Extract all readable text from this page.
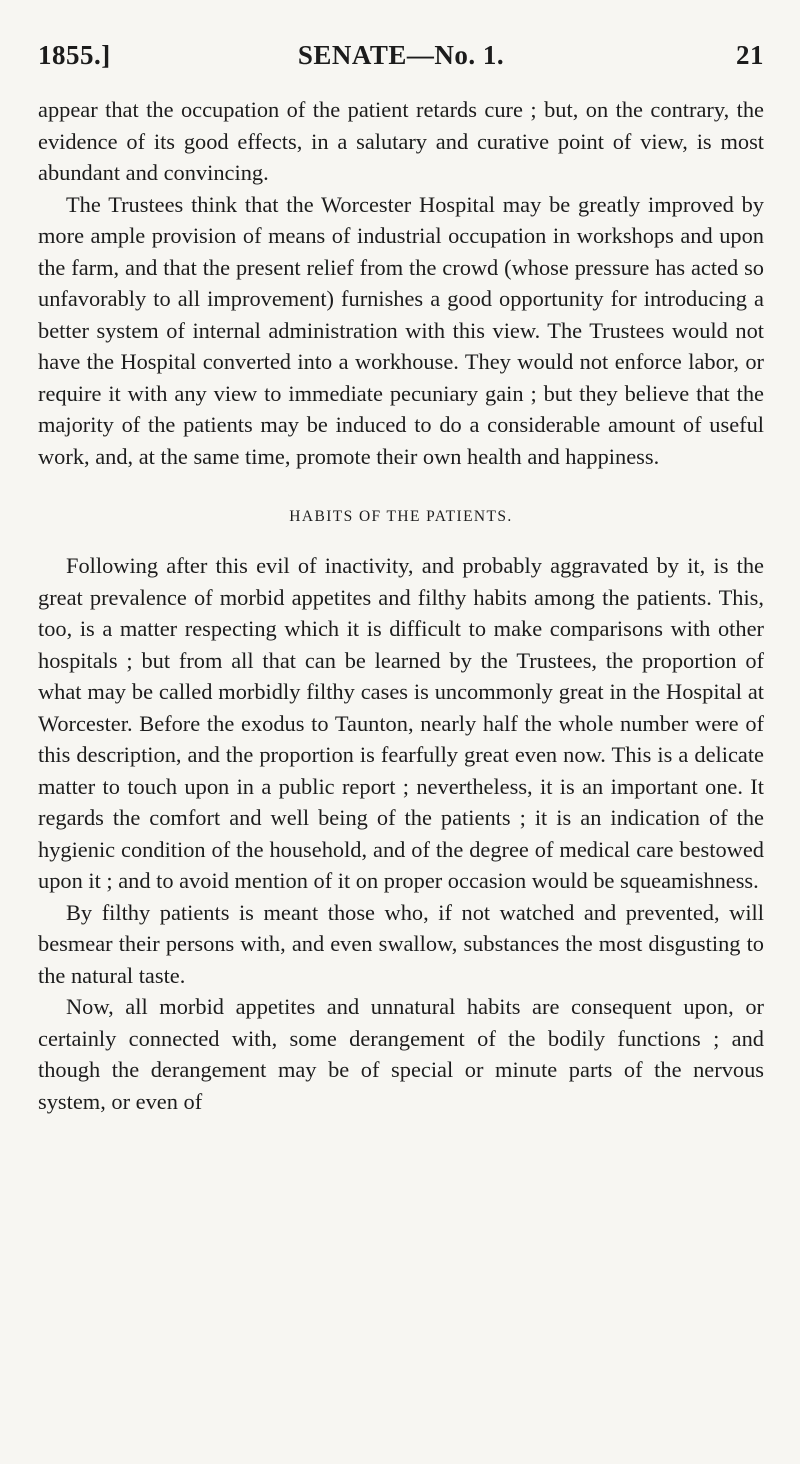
1855.]	SENATE—No. 1.	21

appear that the occupation of the patient retards cure ; but, on the contrary, the evidence of its good effects, in a salutary and curative point of view, is most abundant and convincing.

The Trustees think that the Worcester Hospital may be greatly improved by more ample provision of means of industrial occupation in workshops and upon the farm, and that the present relief from the crowd (whose pressure has acted so unfavorably to all improvement) furnishes a good opportunity for introducing a better system of internal administration with this view. The Trustees would not have the Hospital converted into a workhouse. They would not enforce labor, or require it with any view to immediate pecuniary gain ; but they believe that the majority of the patients may be induced to do a considerable amount of useful work, and, at the same time, promote their own health and happiness.

HABITS OF THE PATIENTS.

Following after this evil of inactivity, and probably aggravated by it, is the great prevalence of morbid appetites and filthy habits among the patients. This, too, is a matter respecting which it is difficult to make comparisons with other hospitals ; but from all that can be learned by the Trustees, the proportion of what may be called morbidly filthy cases is uncommonly great in the Hospital at Worcester. Before the exodus to Taunton, nearly half the whole number were of this description, and the proportion is fearfully great even now. This is a delicate matter to touch upon in a public report ; nevertheless, it is an important one. It regards the comfort and well being of the patients ; it is an indication of the hygienic condition of the household, and of the degree of medical care bestowed upon it ; and to avoid mention of it on proper occasion would be squeamishness.

By filthy patients is meant those who, if not watched and prevented, will besmear their persons with, and even swallow, substances the most disgusting to the natural taste.

Now, all morbid appetites and unnatural habits are consequent upon, or certainly connected with, some derangement of the bodily functions ; and though the derangement may be of special or minute parts of the nervous system, or even of
